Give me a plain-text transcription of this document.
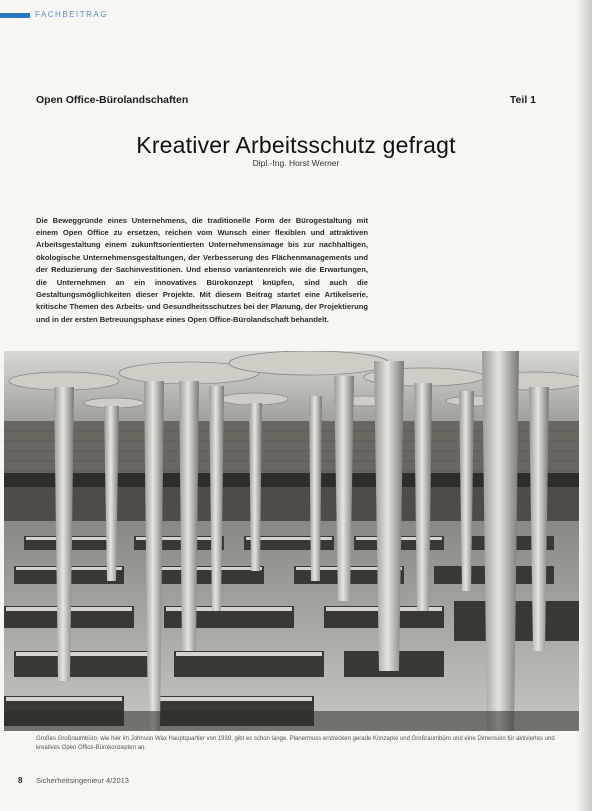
FACHBEITRAG
Open Office-Bürolandschaften	Teil 1
Kreativer Arbeitsschutz gefragt
Dipl.-Ing. Horst Werner

Die Beweggründe eines Unternehmens, die traditionelle Form der Bürogestaltung mit einem Open Office zu ersetzen, reichen vom Wunsch einer flexiblen und attraktiven Arbeitsgestaltung einem zukunftsorientierten Unternehmensimage bis zur nachhaltigen, ökologische Unternehmensgestaltungen, der Verbesserung des Flächenmanagements und der Reduzierung der Sachinvestitionen. Und ebenso variantenreich wie die Erwartungen, die Unternehmen an ein innovatives Bürokonzept knüpfen, sind auch die Gestaltungsmöglichkeiten dieser Projekte. Mit diesem Beitrag startet eine Artikelserie, kritische Themen des Arbeits- und Gesundheitsschutzes bei der Planung, der Projektierung und in der ersten Betreuungsphase eines Open Office-Bürolandschaft behandelt.

Großes Großraumbüro, wie hier im Johnson Wax Hauptquartier von 1939, gibt es schon lange. Planermuss erstrecken gerade Konzepte und Großraumbüro und eine Dimension für aktiviertes und kreatives Open Office-Bürokonzepten an.
8 Sicherheitsingenieur 4/2013
